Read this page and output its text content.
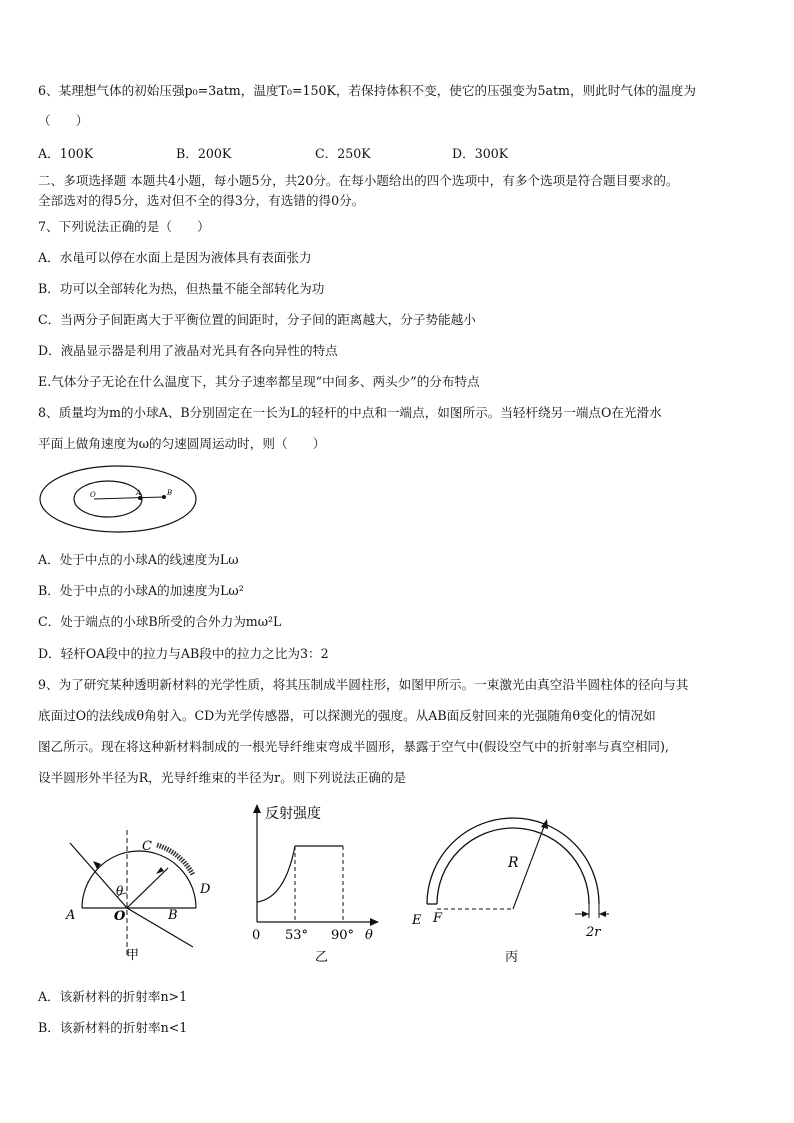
6、某理想气体的初始压强p₀=3atm，温度T₀=150K，若保持体积不变，使它的压强变为5atm，则此时气体的温度为
（　　）
A．100K	B．200K	C．250K	D．300K
二、多项选择题 本题共4小题，每小题5分，共20分。在每小题给出的四个选项中，有多个选项是符合题目要求的。
全部选对的得5分，选对但不全的得3分，有选错的得0分。
7、下列说法正确的是（　　）
A．水黾可以停在水面上是因为液体具有表面张力
B．功可以全部转化为热，但热量不能全部转化为功
C．当两分子间距离大于平衡位置的间距时，分子间的距离越大，分子势能越小
D．液晶显示器是利用了液晶对光具有各向异性的特点
E.气体分子无论在什么温度下，其分子速率都呈现“中间多、两头少”的分布特点
8、质量均为m的小球A、B分别固定在一长为L的轻杆的中点和一端点，如图所示。当轻杆绕另一端点O在光滑水
平面上做角速度为ω的匀速圆周运动时，则（　　）
O	A	B
A．处于中点的小球A的线速度为Lω
B．处于中点的小球A的加速度为Lω²
C．处于端点的小球B所受的合外力为mω²L
D．轻杆OA段中的拉力与AB段中的拉力之比为3：2
9、为了研究某种透明新材料的光学性质，将其压制成半圆柱形，如图甲所示。一束激光由真空沿半圆柱体的径向与其
底面过O的法线成θ角射入。CD为光学传感器，可以探测光的强度。从AB面反射回来的光强随角θ变化的情况如
图乙所示。现在将这种新材料制成的一根光导纤维束弯成半圆形，暴露于空气中(假设空气中的折射率与真空相同),
设半圆形外半径为R，光导纤维束的半径为r。则下列说法正确的是
A	O	B
C
D
θ
甲
反射强度
0 53° 90° θ
乙
R
E F
2r
丙
A．该新材料的折射率n>1
B．该新材料的折射率n<1
